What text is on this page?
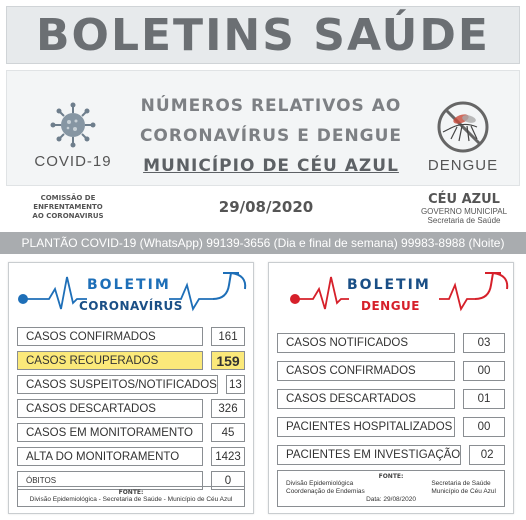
BOLETINS SAÚDE
COVID-19
NÚMEROS RELATIVOS AO
CORONAVÍRUS E DENGUE
MUNICÍPIO DE CÉU AZUL	DENGUE
COMISSÃO DE
ENFRENTAMENTO
AO CORONAVIRUS	29/08/2020	CÉU AZUL
GOVERNO MUNICIPAL
Secretaria de Saúde
PLANTÃO COVID-19 (WhatsApp) 99139-3656 (Dia e final de semana) 99983-8988 (Noite)
BOLETIM
CORONAVÍRUS
CASOS CONFIRMADOS	161
CASOS RECUPERADOS	159
CASOS SUSPEITOS/NOTIFICADOS 13
CASOS DESCARTADOS	326
CASOS EM MONITORAMENTO	45
ALTA DO MONITORAMENTO	1423
ÓBITOS	0
FONTE:
Divisão Epidemiológica - Secretaria de Saúde - Município de Céu Azul
BOLETIM
DENGUE
CASOS NOTIFICADOS	03
CASOS CONFIRMADOS	00
CASOS DESCARTADOS	01
PACIENTES HOSPITALIZADOS	00
PACIENTES EM INVESTIGAÇÃO	02
FONTE:
Divisão Epidemiológica
Coordenação de Endemias
Secretaria de Saúde
Município de Céu Azul
Data: 29/08/2020
